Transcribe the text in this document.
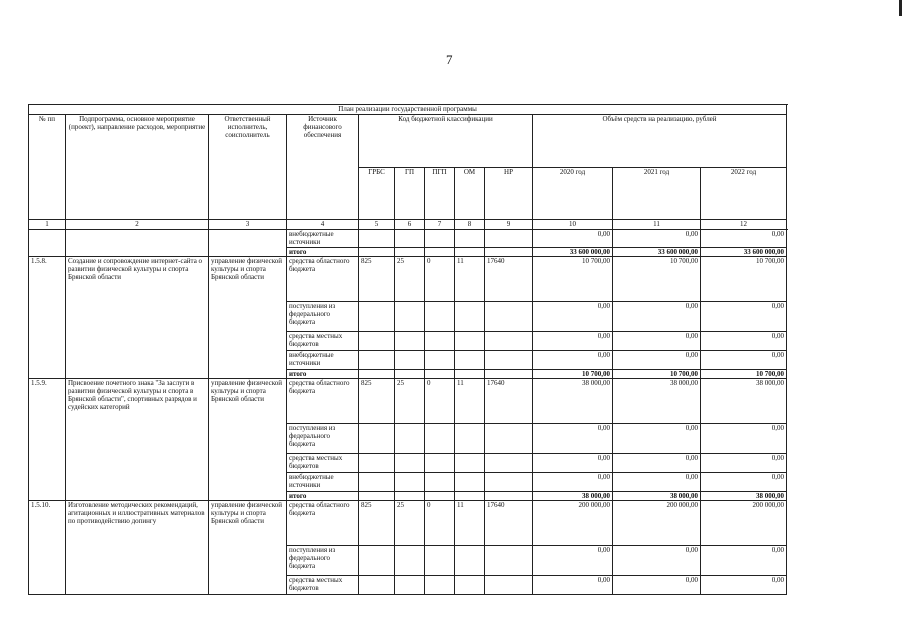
7
План реализации государственной программы												
№ пп	Подпрограмма, основное мероприятие (проект), направление расходов, мероприятие	Ответственный исполнитель, соисполнитель	Источник финансового обеспечения	Код бюджетной классификации					Объём средств на реализацию, рублей	
				ГРБС	ГП	ПГП	ОМ	НР	2020 год	2021 год	2022 год	
1	2	3	4	5	6	7	8	9	10	11	12	
			внебюджетные источники						0,00	0,00	0,00	
			итого						33 600 000,00	33 600 000,00	33 600 000,00	
1.5.8.	Создание и сопровождение интернет-сайта о развитии физической культуры и спорта Брянской области	управление физической культуры и спорта Брянской области	средства областного бюджета	825	25	0	11	17640	10 700,00	10 700,00	10 700,00	
			поступления из федерального бюджета						0,00	0,00	0,00	
			средства местных бюджетов						0,00	0,00	0,00	
			внебюджетные источники						0,00	0,00	0,00	
			итого						10 700,00	10 700,00	10 700,00	
1.5.9.	Присвоение почетного знака "За заслуги в развитии физической культуры и спорта в Брянской области", спортивных разрядов и судейских категорий	управление физической культуры и спорта Брянской области	средства областного бюджета	825	25	0	11	17640	38 000,00	38 000,00	38 000,00	
			поступления из федерального бюджета						0,00	0,00	0,00	
			средства местных бюджетов						0,00	0,00	0,00	
			внебюджетные источники						0,00	0,00	0,00	
			итого						38 000,00	38 000,00	38 000,00	
1.5.10.	Изготовление методических рекомендаций, агитационных и иллюстративных материалов по противодействию допингу	управление физической культуры и спорта Брянской области	средства областного бюджета	825	25	0	11	17640	200 000,00	200 000,00	200 000,00	
			поступления из федерального бюджета						0,00	0,00	0,00	
			средства местных бюджетов						0,00	0,00	0,00	
